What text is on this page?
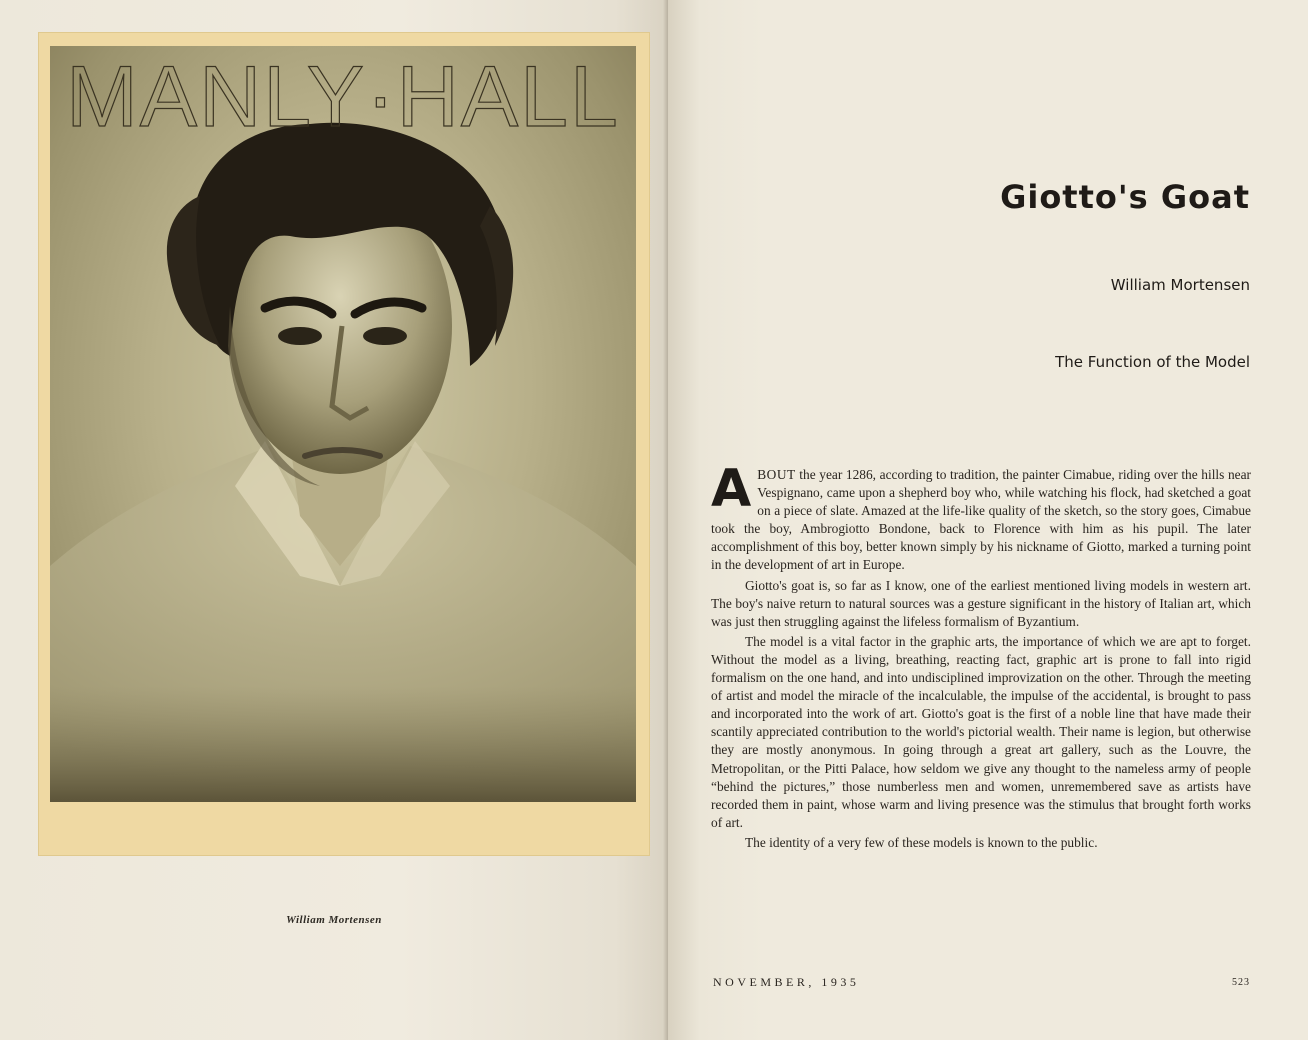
MANLY·HALL
William Mortensen
Giotto's Goat
William Mortensen
The Function of the Model

ABOUT the year 1286, according to tradition, the painter Cimabue, riding over the hills near Vespignano, came upon a shepherd boy who, while watching his flock, had sketched a goat on a piece of slate. Amazed at the life-like quality of the sketch, so the story goes, Cimabue took the boy, Ambrogiotto Bondone, back to Florence with him as his pupil. The later accomplishment of this boy, better known simply by his nickname of Giotto, marked a turning point in the development of art in Europe.

Giotto's goat is, so far as I know, one of the earliest mentioned living models in western art. The boy's naive return to natural sources was a gesture significant in the history of Italian art, which was just then struggling against the lifeless formalism of Byzantium.

The model is a vital factor in the graphic arts, the importance of which we are apt to forget. Without the model as a living, breathing, reacting fact, graphic art is prone to fall into rigid formalism on the one hand, and into undisciplined improvization on the other. Through the meeting of artist and model the miracle of the incalculable, the impulse of the accidental, is brought to pass and incorporated into the work of art. Giotto's goat is the first of a noble line that have made their scantily appreciated contribution to the world's pictorial wealth. Their name is legion, but otherwise they are mostly anonymous. In going through a great art gallery, such as the Louvre, the Metropolitan, or the Pitti Palace, how seldom we give any thought to the nameless army of people “behind the pictures,” those numberless men and women, unremembered save as artists have recorded them in paint, whose warm and living presence was the stimulus that brought forth works of art.

The identity of a very few of these models is known to the public.

NOVEMBER, 1935	523
